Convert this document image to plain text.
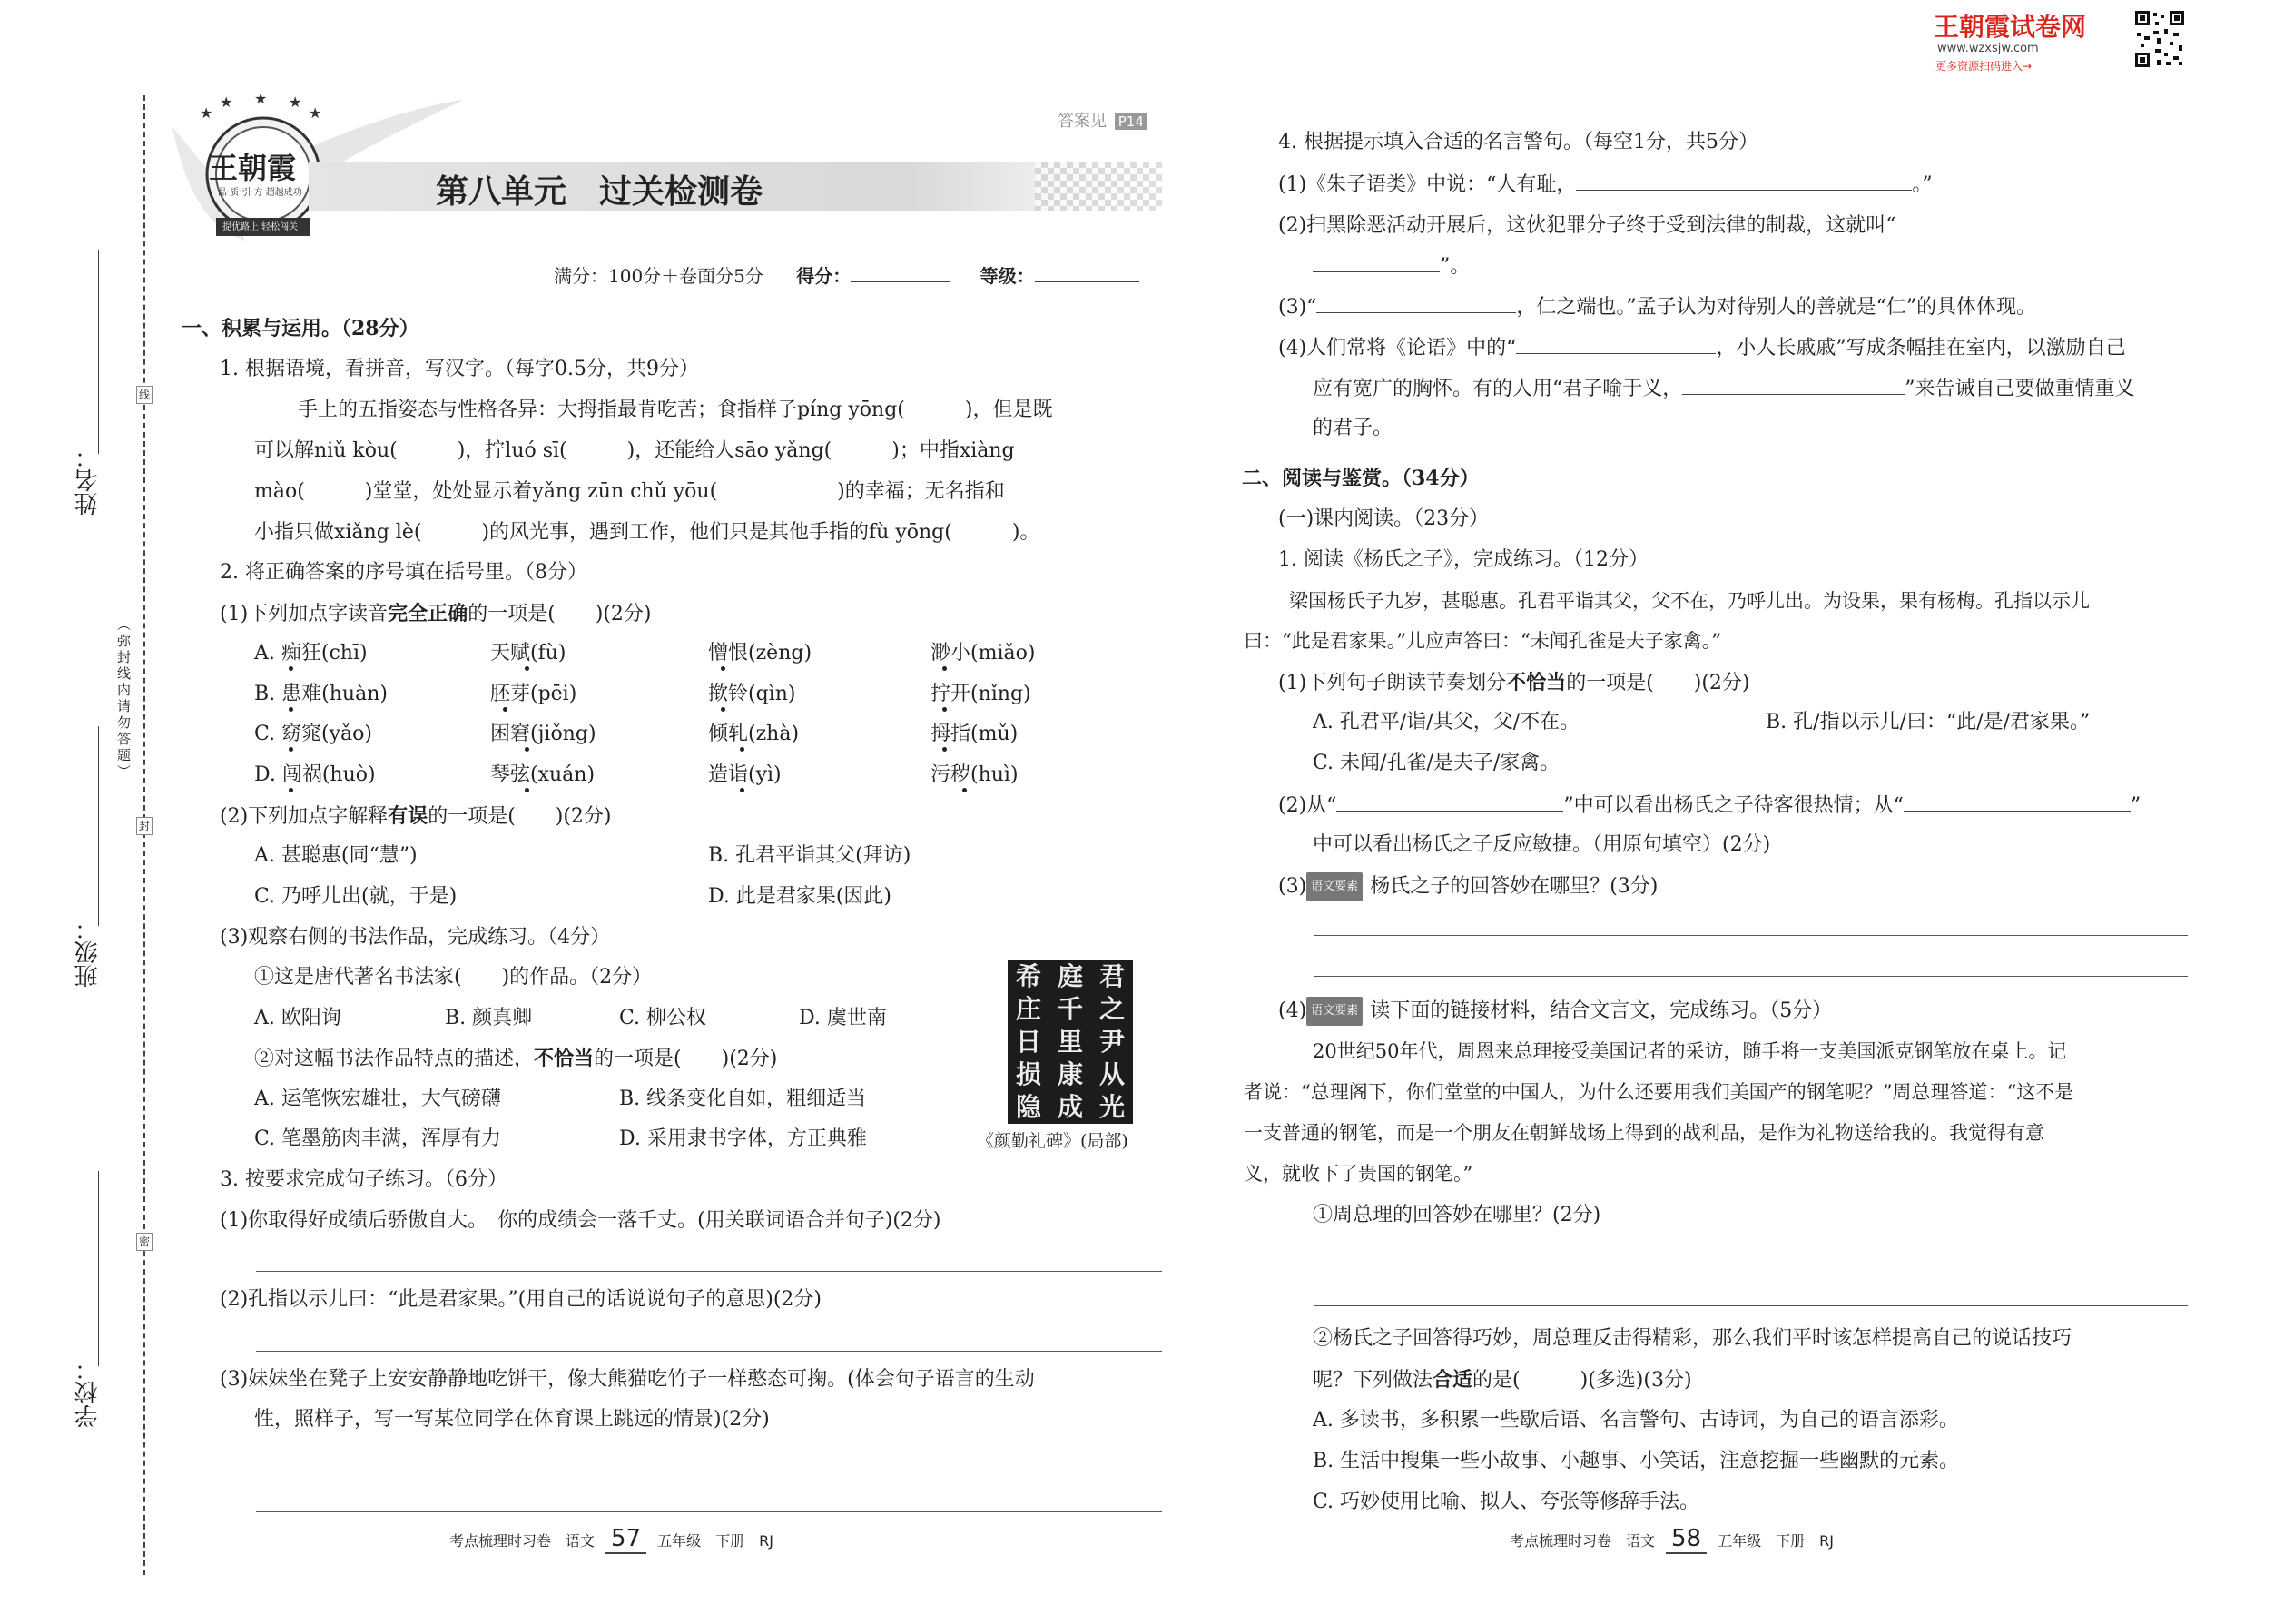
王朝霞试卷网
www.wzxsjw.com
更多资源扫码进入→
姓名：
班级：
学校：
（弥封线内请勿答题）
线
封
密
★
★ ★ ★
★
王朝霞
品·质·引·方 超越成功
提优路上 轻松闯关
答案见 P14
第八单元　过关检测卷
满分：100分＋卷面分5分 得分：	等级：
一、积累与运用。（28分）
1. 根据语境，看拼音，写汉字。（每字0.5分，共9分）
手上的五指姿态与性格各异：大拇指最肯吃苦；食指样子píng yōng(　　　)，但是既
可以解niǔ kòu(　　　)，拧luó sī(　　　)，还能给人sāo yǎng(　　　)；中指xiàng
mào(　　　)堂堂，处处显示着yǎng zūn chǔ yōu(　　　　　　)的幸福；无名指和
小指只做xiǎng lè(　　　)的风光事，遇到工作，他们只是其他手指的fù yōng(　　　)。
2. 将正确答案的序号填在括号里。（8分）
(1)下列加点字读音完全正确的一项是(　　)(2分)
A. 痴狂(chī)	天赋(fù)	憎恨(zèng)	渺小(miǎo)
B. 患难(huàn)	胚芽(pēi)	揿铃(qìn)	拧开(nǐng)
C. 窈窕(yǎo)	困窘(jiǒng)	倾轧(zhà)	拇指(mǔ)
D. 闯祸(huò)	琴弦(xuán)	造诣(yì)	污秽(huì)
(2)下列加点字解释有误的一项是(　　)(2分)
A. 甚聪惠(同“慧”)	B. 孔君平诣其父(拜访)
C. 乃呼儿出(就，于是)	D. 此是君家果(因此)
(3)观察右侧的书法作品，完成练习。（4分）
①这是唐代著名书法家(　　)的作品。（2分）
A. 欧阳询	B. 颜真卿	C. 柳公权	D. 虞世南
②对这幅书法作品特点的描述，不恰当的一项是(　　)(2分)
A. 运笔恢宏雄壮，大气磅礴	B. 线条变化自如，粗细适当
C. 笔墨筋肉丰满，浑厚有力	D. 采用隶书字体，方正典雅
希
庄
日
损
隐
庭
千
里
康
成
君
之
尹
从
光
《颜勤礼碑》(局部)
3. 按要求完成句子练习。（6分）
(1)你取得好成绩后骄傲自大。　你的成绩会一落千丈。(用关联词语合并句子)(2分)
(2)孔指以示儿曰：“此是君家果。”(用自己的话说说句子的意思)(2分)
(3)妹妹坐在凳子上安安静静地吃饼干，像大熊猫吃竹子一样憨态可掬。(体会句子语言的生动
性，照样子，写一写某位同学在体育课上跳远的情景)(2分)
考点梳理时习卷　语文 57 五年级　下册　RJ
4. 根据提示填入合适的名言警句。（每空1分，共5分）
(1)《朱子语类》中说：“人有耻，	。”
(2)扫黑除恶活动开展后，这伙犯罪分子终于受到法律的制裁，这就叫“
”。
(3)“	，仁之端也。”孟子认为对待别人的善就是“仁”的具体体现。
(4)人们常将《论语》中的“	，小人长戚戚”写成条幅挂在室内，以激励自己
应有宽广的胸怀。有的人用“君子喻于义，	”来告诫自己要做重情重义
的君子。
二、阅读与鉴赏。（34分）
(一)课内阅读。（23分）
1. 阅读《杨氏之子》，完成练习。（12分）
梁国杨氏子九岁，甚聪惠。孔君平诣其父，父不在，乃呼儿出。为设果，果有杨梅。孔指以示儿
曰：“此是君家果。”儿应声答曰：“未闻孔雀是夫子家禽。”
(1)下列句子朗读节奏划分不恰当的一项是(　　)(2分)
A. 孔君平/诣/其父，父/不在。	B. 孔/指以示儿/曰：“此/是/君家果。”
C. 未闻/孔雀/是夫子/家禽。
(2)从“	”中可以看出杨氏之子待客很热情；从“	”
中可以看出杨氏之子反应敏捷。（用原句填空）(2分)
(3) 语文要素 杨氏之子的回答妙在哪里？(3分)
(4) 语文要素 读下面的链接材料，结合文言文，完成练习。（5分）
20世纪50年代，周恩来总理接受美国记者的采访，随手将一支美国派克钢笔放在桌上。记
者说：“总理阁下，你们堂堂的中国人，为什么还要用我们美国产的钢笔呢？”周总理答道：“这不是
一支普通的钢笔，而是一个朋友在朝鲜战场上得到的战利品，是作为礼物送给我的。我觉得有意
义，就收下了贵国的钢笔。”
①周总理的回答妙在哪里？(2分)
②杨氏之子回答得巧妙，周总理反击得精彩，那么我们平时该怎样提高自己的说话技巧
呢？下列做法合适的是(　　　)(多选)(3分)
A. 多读书，多积累一些歇后语、名言警句、古诗词，为自己的语言添彩。
B. 生活中搜集一些小故事、小趣事、小笑话，注意挖掘一些幽默的元素。
C. 巧妙使用比喻、拟人、夸张等修辞手法。
考点梳理时习卷　语文 58 五年级　下册　RJ
